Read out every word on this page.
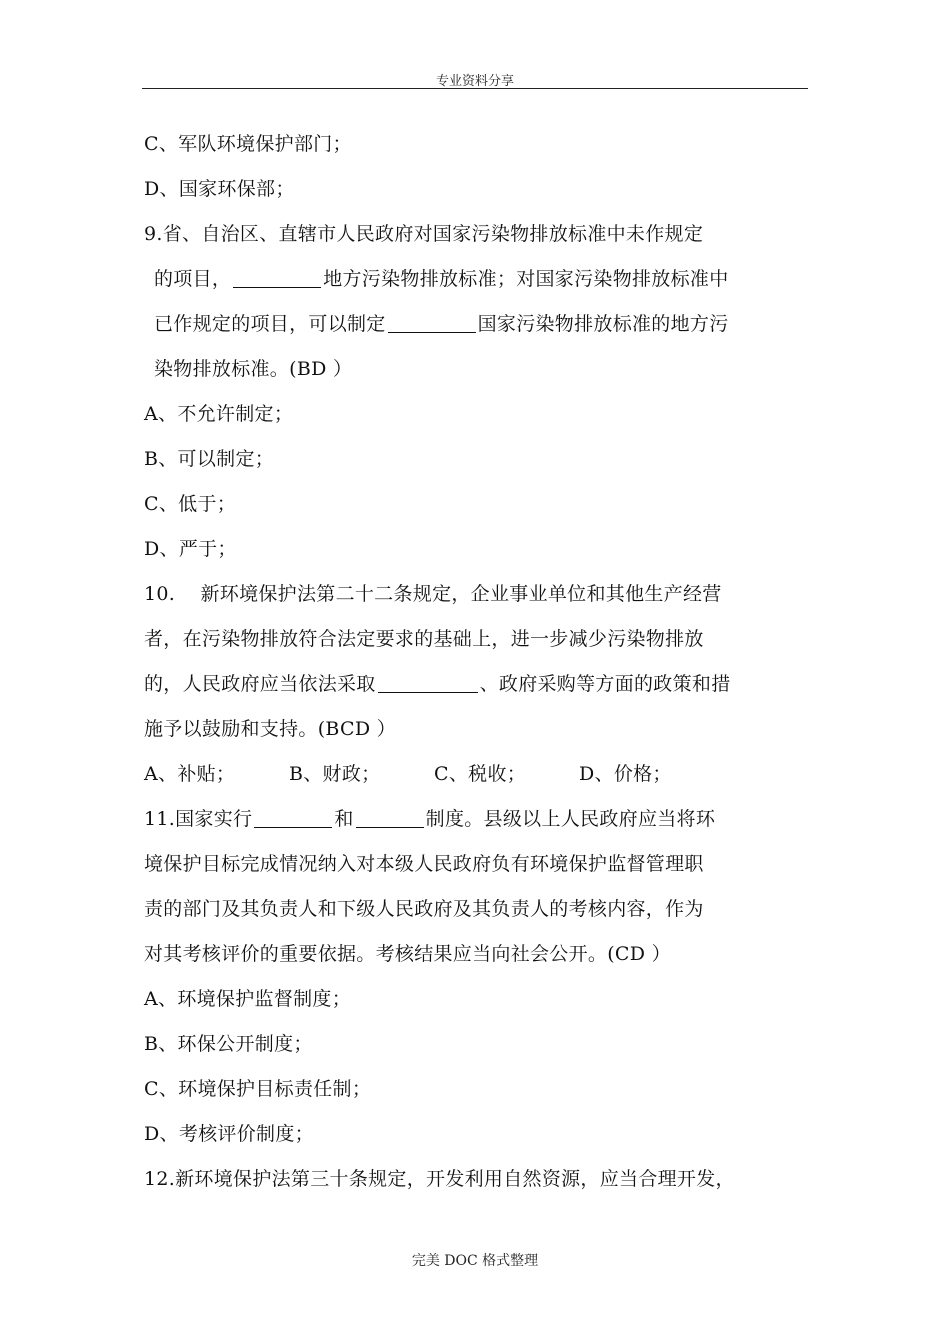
专业资料分享
C、军队环境保护部门；
D、国家环保部；
9.省、自治区、直辖市人民政府对国家污染物排放标准中未作规定
的项目，	地方污染物排放标准；对国家污染物排放标准中
已作规定的项目，可以制定	国家污染物排放标准的地方污
染物排放标准。(BD ）
A、不允许制定；
B、可以制定；
C、低于；
D、严于；
10.    新环境保护法第二十二条规定，企业事业单位和其他生产经营
者，在污染物排放符合法定要求的基础上，进一步减少污染物排放
的，人民政府应当依法采取	、政府采购等方面的政策和措
施予以鼓励和支持。(BCD ）
A、补贴；	B、财政；	C、税收；	D、价格；
11.国家实行	和	制度。县级以上人民政府应当将环
境保护目标完成情况纳入对本级人民政府负有环境保护监督管理职
责的部门及其负责人和下级人民政府及其负责人的考核内容，作为
对其考核评价的重要依据。考核结果应当向社会公开。(CD ）
A、环境保护监督制度；
B、环保公开制度；
C、环境保护目标责任制；
D、考核评价制度；
12.新环境保护法第三十条规定，开发利用自然资源，应当合理开发，
完美 DOC 格式整理
